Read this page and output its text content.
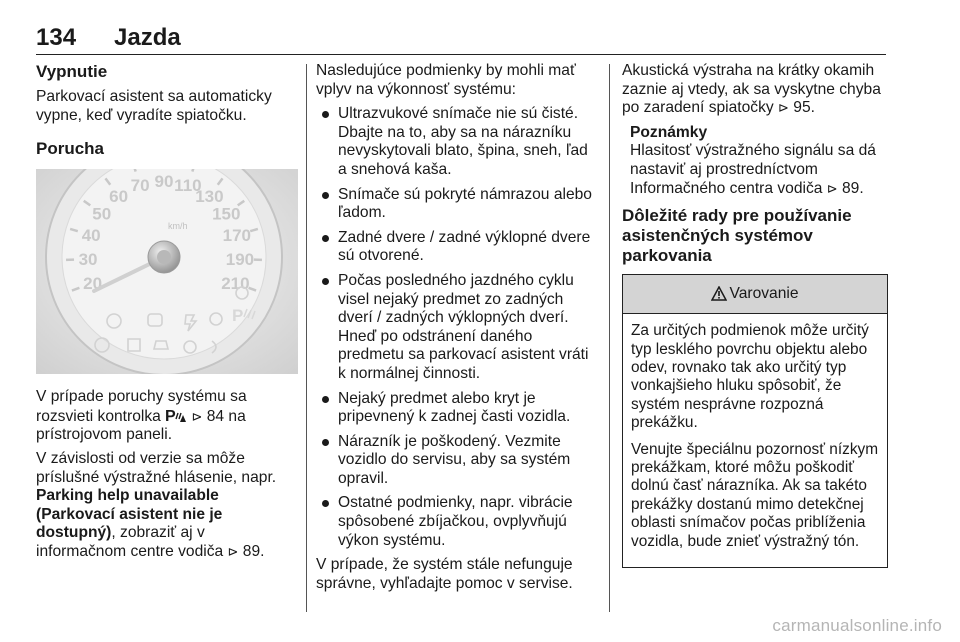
134 Jazda
Vypnutie

Parkovací asistent sa automaticky vypne, keď vyradíte spiatočku.

Porucha
20
30
40
50
60
70 90 110
130
150
170
190
210
km/h
P

V prípade poruchy systému sa rozsvieti kontrolka P ⊳ 84 na prístrojovom paneli.

V závislosti od verzie sa môže príslušné výstražné hlásenie, napr. Parking help unavailable (Parkovací asistent nie je dostupný), zobraziť aj v informačnom centre vodiča ⊳ 89.

Nasledujúce podmienky by mohli mať vplyv na výkonnosť systému:

Ultrazvukové snímače nie sú čisté. Dbajte na to, aby sa na nárazníku nevyskytovali blato, špina, sneh, ľad a snehová kaša.
Snímače sú pokryté námrazou alebo ľadom.
Zadné dvere / zadné výklopné dvere sú otvorené.
Počas posledného jazdného cyklu visel nejaký predmet zo zadných dverí / zadných výklopných dverí. Hneď po odstránení daného predmetu sa parkovací asistent vráti k normálnej činnosti.
Nejaký predmet alebo kryt je pripevnený k zadnej časti vozidla.
Nárazník je poškodený. Vezmite vozidlo do servisu, aby sa systém opravil.
Ostatné podmienky, napr. vibrácie spôsobené zbíjačkou, ovplyvňujú výkon systému.

V prípade, že systém stále nefunguje správne, vyhľadajte pomoc v servise.

Akustická výstraha na krátky okamih zaznie aj vtedy, ak sa vyskytne chyba po zaradení spiatočky ⊳ 95.

Poznámky

Hlasitosť výstražného signálu sa dá nastaviť aj prostredníctvom Informačného centra vodiča ⊳ 89.

Dôležité rady pre používanie asistenčných systémov parkovania
Varovanie

Za určitých podmienok môže určitý typ lesklého povrchu objektu alebo odev, rovnako tak ako určitý typ vonkajšieho hluku spôsobiť, že systém nesprávne rozpozná prekážku.

Venujte špeciálnu pozornosť nízkym prekážkam, ktoré môžu poškodiť dolnú časť nárazníka. Ak sa takéto prekážky dostanú mimo detekčnej oblasti snímačov počas priblíženia vozidla, bude znieť výstražný tón.

carmanualsonline.info
